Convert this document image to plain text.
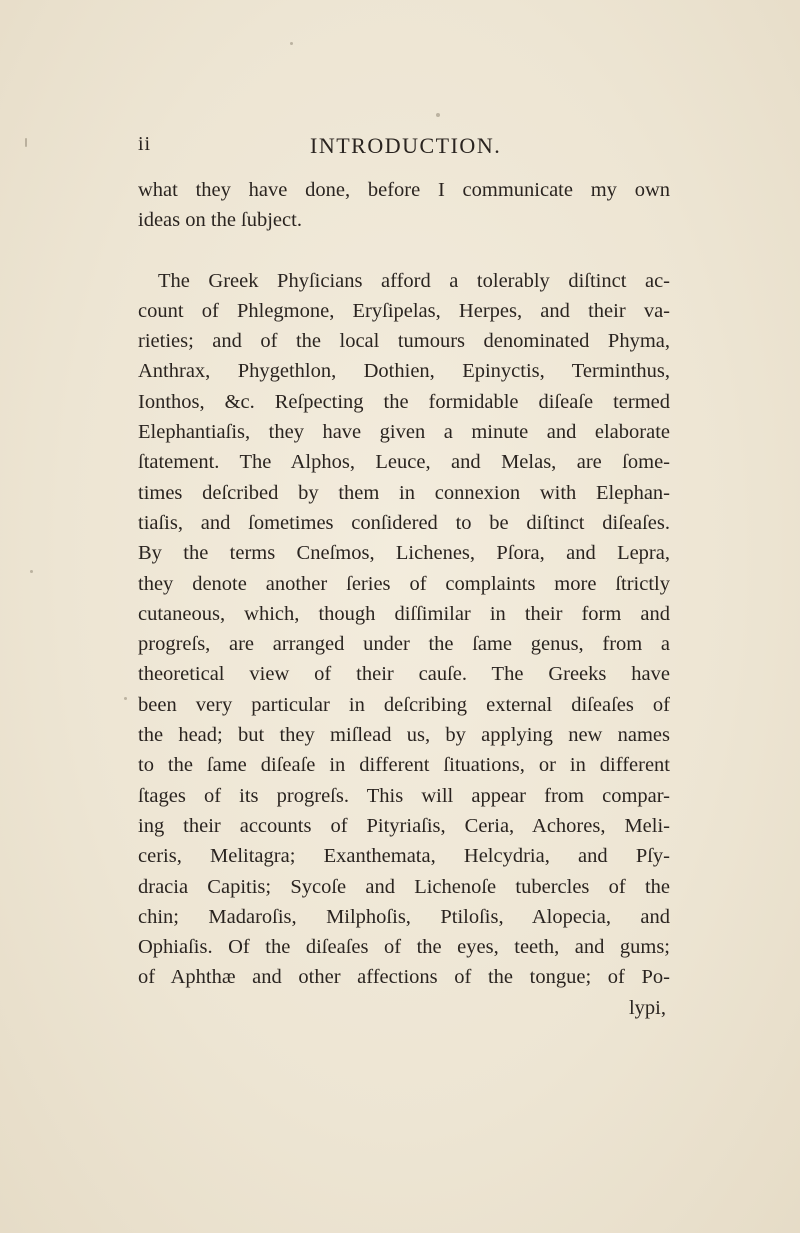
ii	INTRODUCTION.
what they have done, before I communicate my own
ideas on the ſubject.
The Greek Phyſicians afford a tolerably diſtinct ac-
count of Phlegmone, Eryſipelas, Herpes, and their va-
rieties; and of the local tumours denominated Phyma,
Anthrax, Phygethlon, Dothien, Epinyctis, Terminthus,
Ionthos, &c. Reſpecting the formidable diſeaſe termed
Elephantiaſis, they have given a minute and elaborate
ſtatement. The Alphos, Leuce, and Melas, are ſome-
times deſcribed by them in connexion with Elephan-
tiaſis, and ſometimes conſidered to be diſtinct diſeaſes.
By the terms Cneſmos, Lichenes, Pſora, and Lepra,
they denote another ſeries of complaints more ſtrictly
cutaneous, which, though diſſimilar in their form and
progreſs, are arranged under the ſame genus, from a
theoretical view of their cauſe. The Greeks have
been very particular in deſcribing external diſeaſes of
the head; but they miſlead us, by applying new names
to the ſame diſeaſe in different ſituations, or in different
ſtages of its progreſs. This will appear from compar-
ing their accounts of Pityriaſis, Ceria, Achores, Meli-
ceris, Melitagra; Exanthemata, Helcydria, and Pſy-
dracia Capitis; Sycoſe and Lichenoſe tubercles of the
chin; Madaroſis, Milphoſis, Ptiloſis, Alopecia, and
Ophiaſis. Of the diſeaſes of the eyes, teeth, and gums;
of Aphthæ and other affections of the tongue; of Po-
lypi,
